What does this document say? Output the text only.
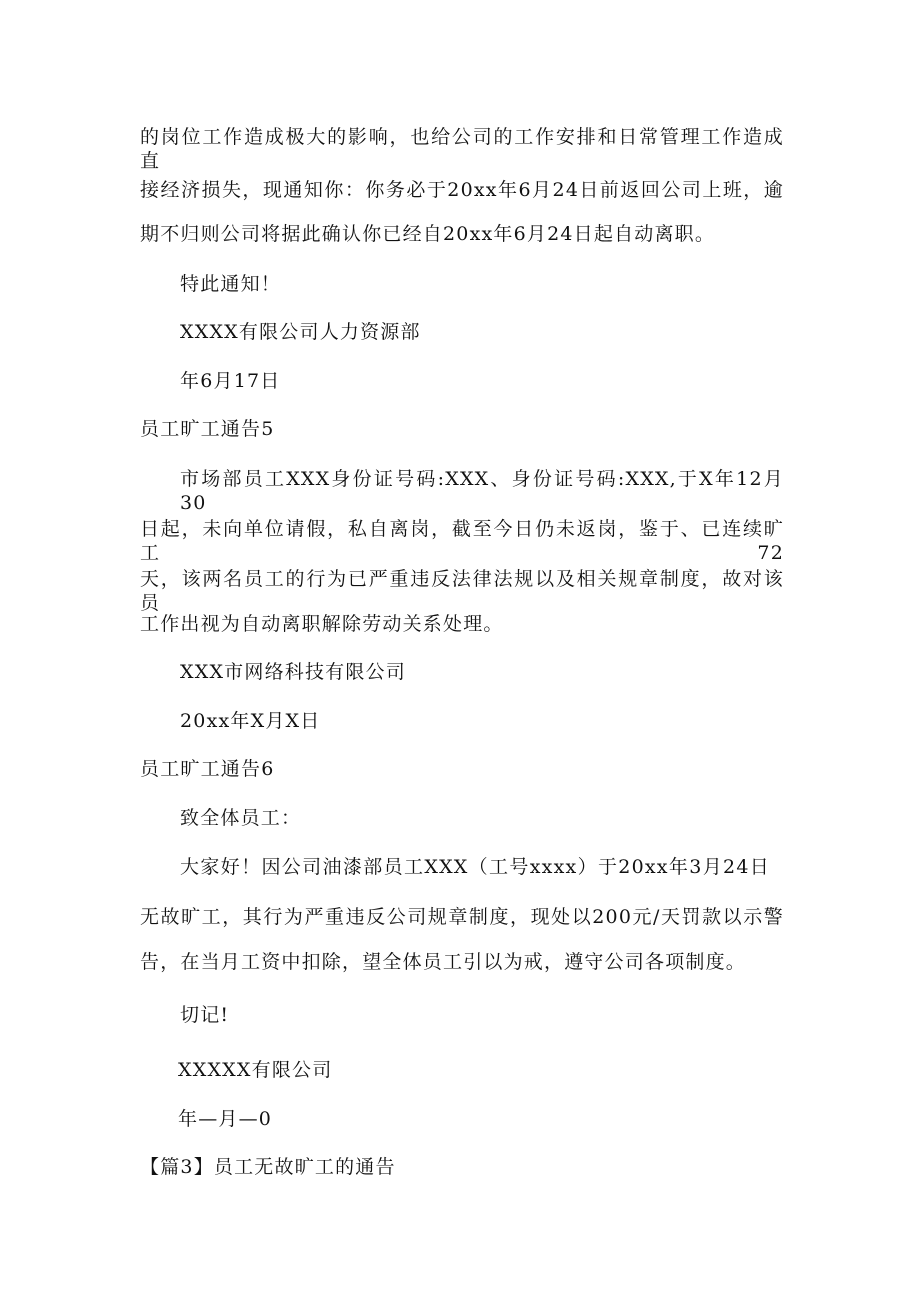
的岗位工作造成极大的影响，也给公司的工作安排和日常管理工作造成直
接经济损失，现通知你：你务必于20xx年6月24日前返回公司上班，逾
期不归则公司将据此确认你已经自20xx年6月24日起自动离职。
特此通知！
XXXX有限公司人力资源部
年6月17日
员工旷工通告5
市场部员工XXX身份证号码:XXX、身份证号码:XXX,于X年12月30
日起，未向单位请假，私自离岗，截至今日仍未返岗，鉴于、已连续旷工72
天，该两名员工的行为已严重违反法律法规以及相关规章制度，故对该员
工作出视为自动离职解除劳动关系处理。
XXX市网络科技有限公司
20xx年X月X日
员工旷工通告6
致全体员工：
大家好！因公司油漆部员工XXX（工号xxxx）于20xx年3月24日
无故旷工，其行为严重违反公司规章制度，现处以200元/天罚款以示警
告，在当月工资中扣除，望全体员工引以为戒，遵守公司各项制度。
切记!
XXXXX有限公司
年—月—0
【篇3】员工无故旷工的通告
